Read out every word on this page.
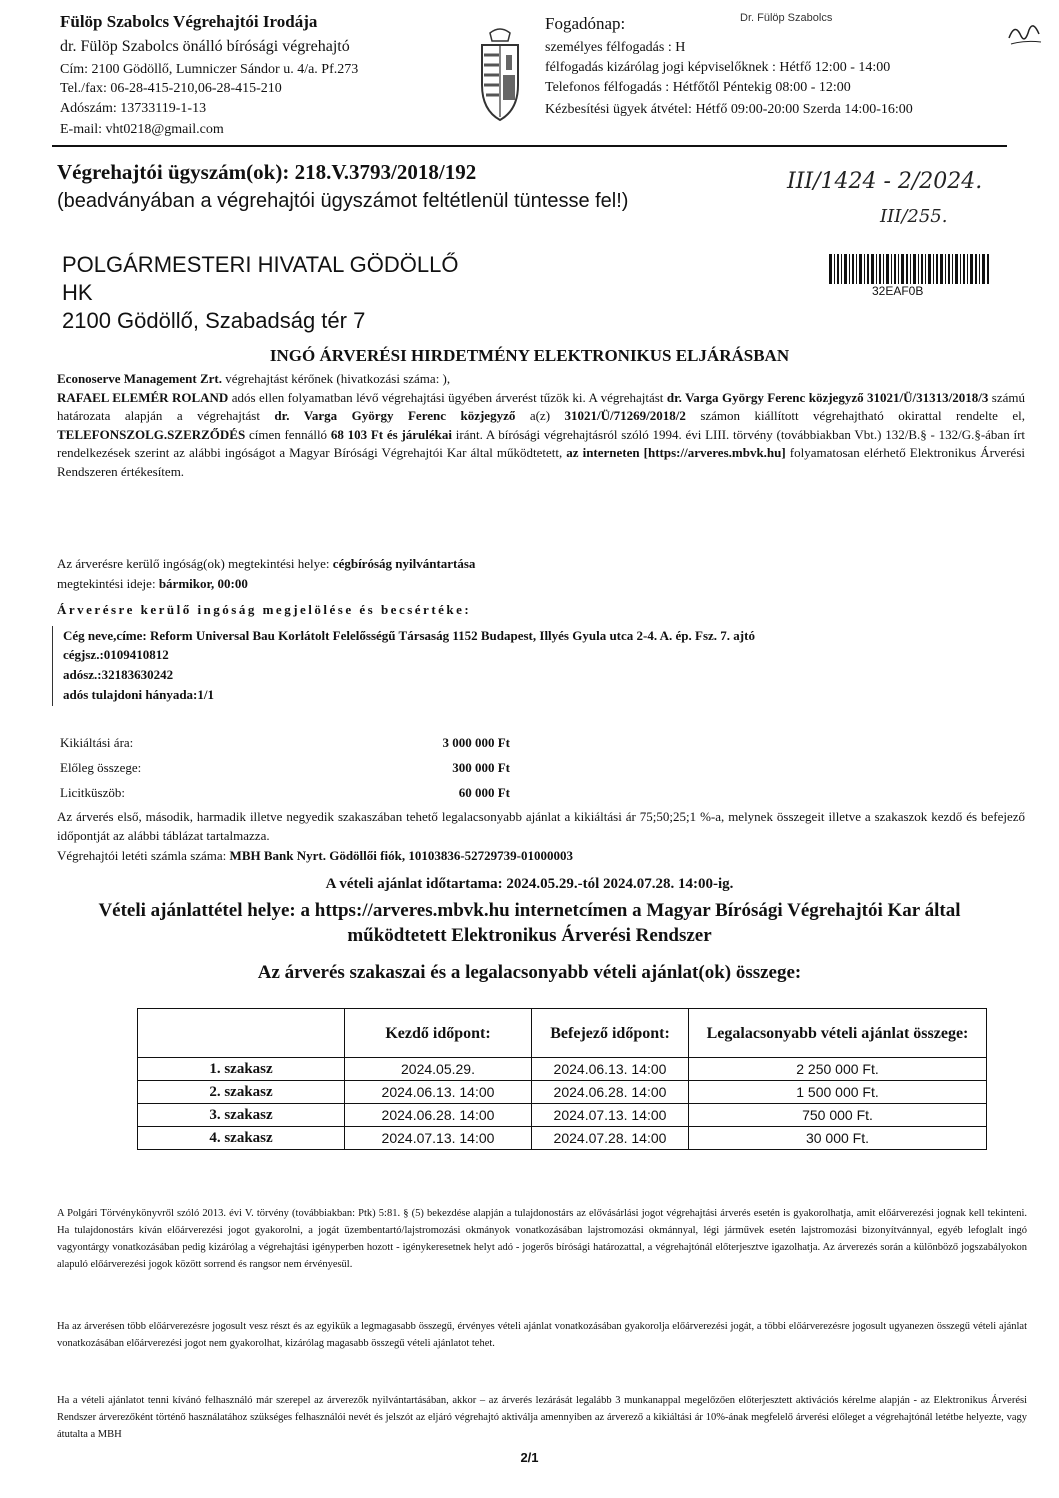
Fülöp Szabolcs Végrehajtói Irodája
dr. Fülöp Szabolcs önálló bírósági végrehajtó
Cím: 2100 Gödöllő, Lumniczer Sándor u. 4/a. Pf.273
Tel./fax: 06-28-415-210,06-28-415-210
Adószám: 13733119-1-13
E-mail: vht0218@gmail.com
Fogadónap:
személyes félfogadás : H
félfogadás kizárólag jogi képviselőknek : Hétfő 12:00 - 14:00
Telefonos félfogadás : Hétfőtől Péntekig 08:00 - 12:00
Kézbesítési ügyek átvétel: Hétfő 09:00-20:00 Szerda 14:00-16:00
Dr. Fülöp Szabolcs
Végrehajtói ügyszám(ok): 218.V.3793/2018/192
(beadványában a végrehajtói ügyszámot feltétlenül tüntesse fel!)
III/1424 - 2/2024.
III/255.
POLGÁRMESTERI HIVATAL GÖDÖLLŐ
HK
2100 Gödöllő, Szabadság tér 7
32EAF0B
INGÓ ÁRVERÉSI HIRDETMÉNY ELEKTRONIKUS ELJÁRÁSBAN
Econoserve Management Zrt. végrehajtást kérőnek (hivatkozási száma: ),
RAFAEL ELEMÉR ROLAND adós ellen folyamatban lévő végrehajtási ügyében árverést tűzök ki. A végrehajtást dr. Varga György Ferenc közjegyző 31021/Ü/31313/2018/3 számú határozata alapján a végrehajtást dr. Varga György Ferenc közjegyző a(z) 31021/Ü/71269/2018/2 számon kiállított végrehajtható okirattal rendelte el, TELEFONSZOLG.SZERZŐDÉS címen fennálló 68 103 Ft és járulékai iránt. A bírósági végrehajtásról szóló 1994. évi LIII. törvény (továbbiakban Vbt.) 132/B.§ - 132/G.§-ában írt rendelkezések szerint az alábbi ingóságot a Magyar Bírósági Végrehajtói Kar által működtetett, az interneten [https://arveres.mbvk.hu] folyamatosan elérhető Elektronikus Árverési Rendszeren értékesítem.
Az árverésre kerülő ingóság(ok) megtekintési helye: cégbíróság nyilvántartása
megtekintési ideje: bármikor, 00:00
Árverésre kerülő ingóság megjelölése és becsértéke:
Cég neve,címe: Reform Universal Bau Korlátolt Felelősségű Társaság 1152 Budapest, Illyés Gyula utca 2-4. A. ép. Fsz. 7. ajtó
cégjsz.:0109410812
adósz.:32183630242
adós tulajdoni hányada:1/1
Kikiáltási ára:	3 000 000 Ft
Előleg összege:	300 000 Ft
Licitküszöb:	60 000 Ft
Az árverés első, második, harmadik illetve negyedik szakaszában tehető legalacsonyabb ajánlat a kikiáltási ár 75;50;25;1 %-a, melynek összegeit illetve a szakaszok kezdő és befejező időpontját az alábbi táblázat tartalmazza.
Végrehajtói letéti számla száma: MBH Bank Nyrt. Gödöllői fiók, 10103836-52729739-01000003
A vételi ajánlat időtartama: 2024.05.29.-tól 2024.07.28. 14:00-ig.
Vételi ajánlattétel helye: a https://arveres.mbvk.hu internetcímen a Magyar Bírósági Végrehajtói Kar által
működtetett Elektronikus Árverési Rendszer
Az árverés szakaszai és a legalacsonyabb vételi ajánlat(ok) összege:
	Kezdő időpont:	Befejező időpont:	Legalacsonyabb vételi ajánlat összege:
1. szakasz	2024.05.29.	2024.06.13. 14:00	2 250 000 Ft.
2. szakasz	2024.06.13. 14:00	2024.06.28. 14:00	1 500 000 Ft.
3. szakasz	2024.06.28. 14:00	2024.07.13. 14:00	750 000 Ft.
4. szakasz	2024.07.13. 14:00	2024.07.28. 14:00	30 000 Ft.
A Polgári Törvénykönyvről szóló 2013. évi V. törvény (továbbiakban: Ptk) 5:81. § (5) bekezdése alapján a tulajdonostárs az elővásárlási jogot végrehajtási árverés esetén is gyakorolhatja, amit előárverezési jognak kell tekinteni. Ha tulajdonostárs kíván előárverezési jogot gyakorolni, a jogát üzembentartó/lajstromozási okmányok vonatkozásában lajstromozási okmánnyal, légi járművek esetén lajstromozási bizonyítvánnyal, egyéb lefoglalt ingó vagyontárgy vonatkozásában pedig kizárólag a végrehajtási igényperben hozott - igénykeresetnek helyt adó - jogerős bírósági határozattal, a végrehajtónál előterjesztve igazolhatja. Az árverezés során a különböző jogszabályokon alapuló előárverezési jogok között sorrend és rangsor nem érvényesül.
Ha az árverésen több előárverezésre jogosult vesz részt és az egyikük a legmagasabb összegű, érvényes vételi ajánlat vonatkozásában gyakorolja előárverezési jogát, a többi előárverezésre jogosult ugyanezen összegű vételi ajánlat vonatkozásában előárverezési jogot nem gyakorolhat, kizárólag magasabb összegű vételi ajánlatot tehet.
Ha a vételi ajánlatot tenni kívánó felhasználó már szerepel az árverezők nyilvántartásában, akkor – az árverés lezárását legalább 3 munkanappal megelőzően előterjesztett aktivációs kérelme alapján - az Elektronikus Árverési Rendszer árverezőként történő használatához szükséges felhasználói nevét és jelszót az eljáró végrehajtó aktiválja amennyiben az árverező a kikiáltási ár 10%-ának megfelelő árverési előleget a végrehajtónál letétbe helyezte, vagy átutalta a MBH
2/1
